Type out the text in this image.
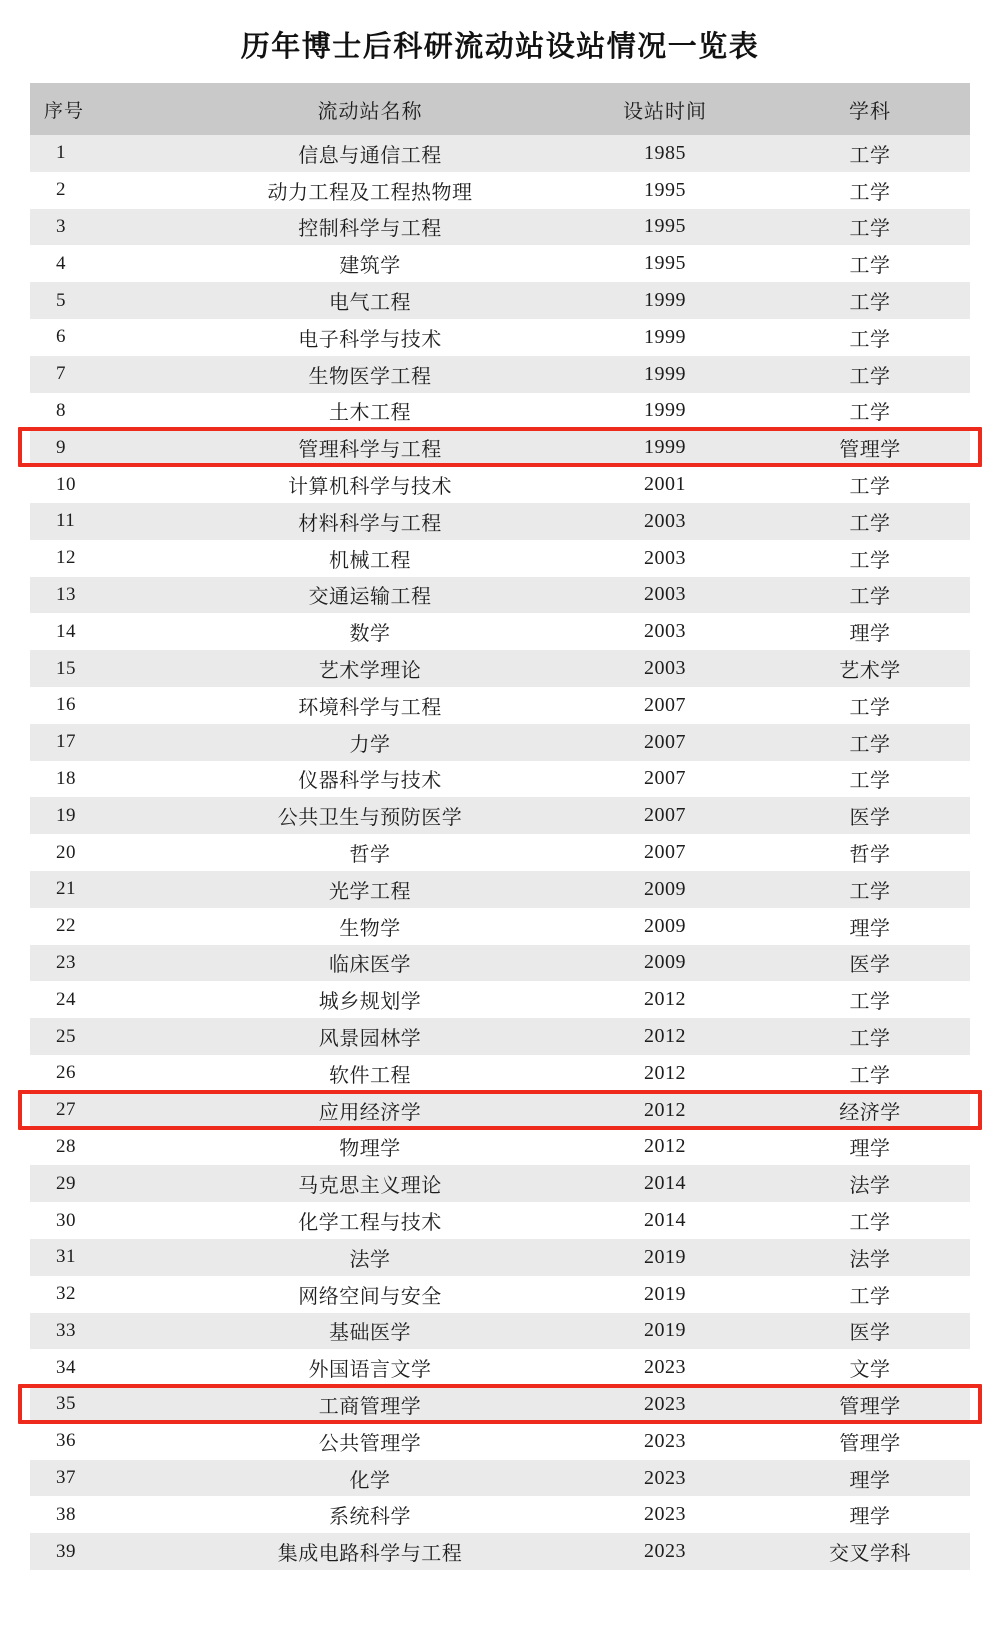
历年博士后科研流动站设站情况一览表
序号	流动站名称	设站时间	学科
1	信息与通信工程	1985	工学
2	动力工程及工程热物理	1995	工学
3	控制科学与工程	1995	工学
4	建筑学	1995	工学
5	电气工程	1999	工学
6	电子科学与技术	1999	工学
7	生物医学工程	1999	工学
8	土木工程	1999	工学
9	管理科学与工程	1999	管理学
10	计算机科学与技术	2001	工学
11	材料科学与工程	2003	工学
12	机械工程	2003	工学
13	交通运输工程	2003	工学
14	数学	2003	理学
15	艺术学理论	2003	艺术学
16	环境科学与工程	2007	工学
17	力学	2007	工学
18	仪器科学与技术	2007	工学
19	公共卫生与预防医学	2007	医学
20	哲学	2007	哲学
21	光学工程	2009	工学
22	生物学	2009	理学
23	临床医学	2009	医学
24	城乡规划学	2012	工学
25	风景园林学	2012	工学
26	软件工程	2012	工学
27	应用经济学	2012	经济学
28	物理学	2012	理学
29	马克思主义理论	2014	法学
30	化学工程与技术	2014	工学
31	法学	2019	法学
32	网络空间与安全	2019	工学
33	基础医学	2019	医学
34	外国语言文学	2023	文学
35	工商管理学	2023	管理学
36	公共管理学	2023	管理学
37	化学	2023	理学
38	系统科学	2023	理学
39	集成电路科学与工程	2023	交叉学科
